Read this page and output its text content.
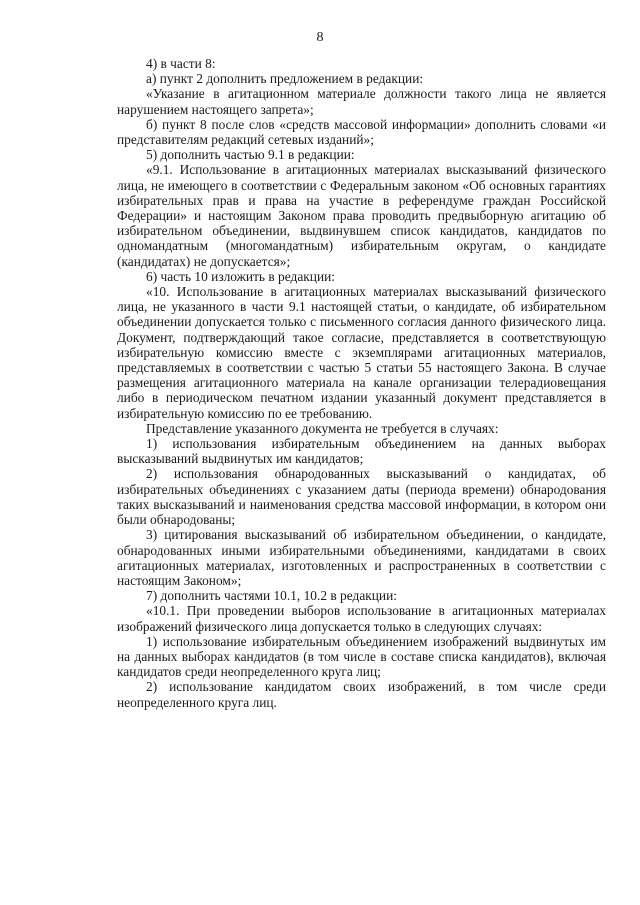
8

4) в части 8:

а) пункт 2 дополнить предложением в редакции:

«Указание в агитационном материале должности такого лица не является нарушением настоящего запрета»;

б) пункт 8 после слов «средств массовой информации» дополнить словами «и представителям редакций сетевых изданий»;

5) дополнить частью 9.1 в редакции:

«9.1. Использование в агитационных материалах высказываний физического лица, не имеющего в соответствии с Федеральным законом «Об основных гарантиях избирательных прав и права на участие в референдуме граждан Российской Федерации» и настоящим Законом права проводить предвыборную агитацию об избирательном объединении, выдвинувшем список кандидатов, кандидатов по одномандатным (многомандатным) избирательным округам, о кандидате (кандидатах) не допускается»;

6) часть 10 изложить в редакции:

«10. Использование в агитационных материалах высказываний физического лица, не указанного в части 9.1 настоящей статьи, о кандидате, об избирательном объединении допускается только с письменного согласия данного физического лица. Документ, подтверждающий такое согласие, представляется в соответствующую избирательную комиссию вместе с экземплярами агитационных материалов, представляемых в соответствии с частью 5 статьи 55 настоящего Закона. В случае размещения агитационного материала на канале организации телерадиовещания либо в периодическом печатном издании указанный документ представляется в избирательную комиссию по ее требованию.

Представление указанного документа не требуется в случаях:

1) использования избирательным объединением на данных выборах высказываний выдвинутых им кандидатов;

2) использования обнародованных высказываний о кандидатах, об избирательных объединениях с указанием даты (периода времени) обнародования таких высказываний и наименования средства массовой информации, в котором они были обнародованы;

3) цитирования высказываний об избирательном объединении, о кандидате, обнародованных иными избирательными объединениями, кандидатами в своих агитационных материалах, изготовленных и распространенных в соответствии с настоящим Законом»;

7) дополнить частями 10.1, 10.2 в редакции:

«10.1. При проведении выборов использование в агитационных материалах изображений физического лица допускается только в следующих случаях:

1) использование избирательным объединением изображений выдвинутых им на данных выборах кандидатов (в том числе в составе списка кандидатов), включая кандидатов среди неопределенного круга лиц;

2) использование кандидатом своих изображений, в том числе среди неопределенного круга лиц.
